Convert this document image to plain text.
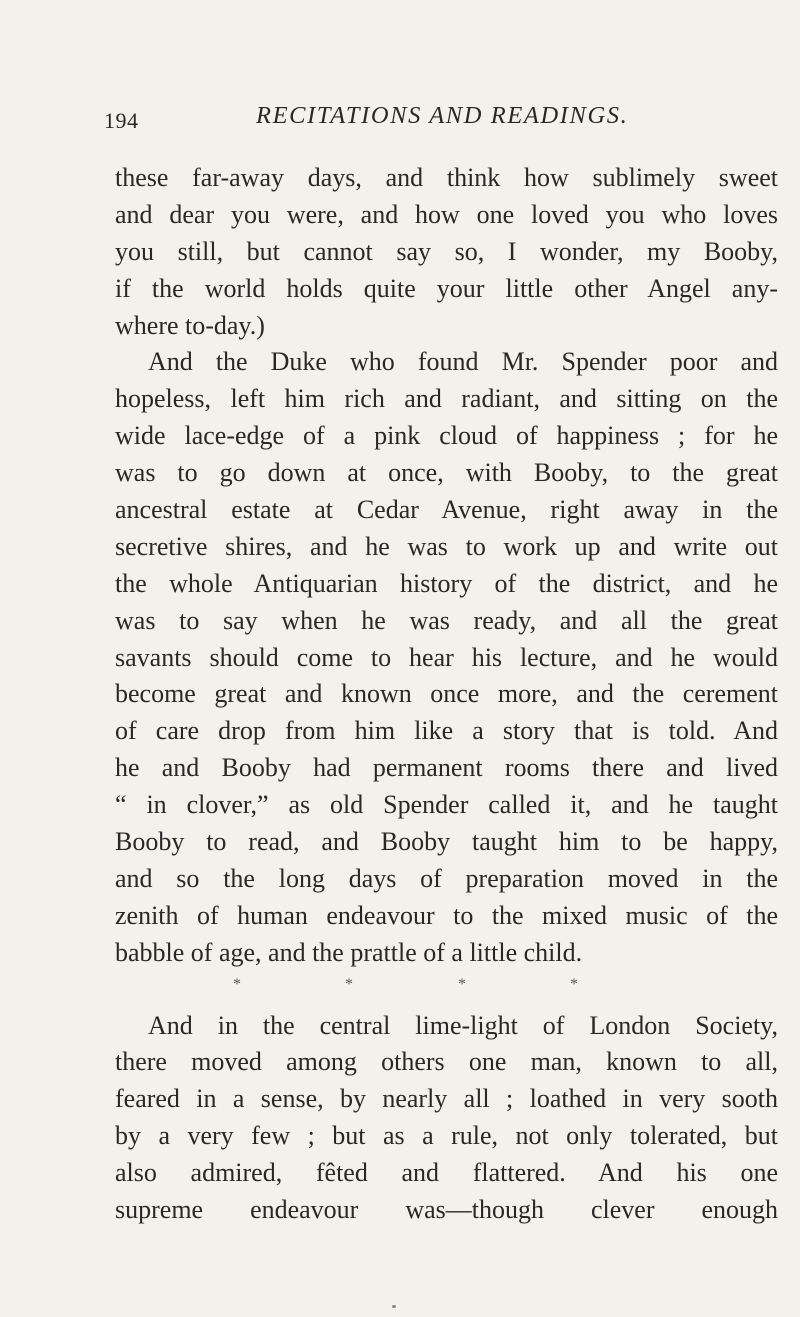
194	RECITATIONS AND READINGS.
these far-away days, and think how sublimely sweet
and dear you were, and how one loved you who loves
you still, but cannot say so, I wonder, my Booby,
if the world holds quite your little other Angel any-
where to-day.)
And the Duke who found Mr. Spender poor and
hopeless, left him rich and radiant, and sitting on the
wide lace-edge of a pink cloud of happiness ; for he
was to go down at once, with Booby, to the great
ancestral estate at Cedar Avenue, right away in the
secretive shires, and he was to work up and write out
the whole Antiquarian history of the district, and he
was to say when he was ready, and all the great
savants should come to hear his lecture, and he would
become great and known once more, and the cerement
of care drop from him like a story that is told. And
he and Booby had permanent rooms there and lived
“ in clover,” as old Spender called it, and he taught
Booby to read, and Booby taught him to be happy,
and so the long days of preparation moved in the
zenith of human endeavour to the mixed music of the
babble of age, and the prattle of a little child.
*	*	*	*
And in the central lime-light of London Society,
there moved among others one man, known to all,
feared in a sense, by nearly all ; loathed in very sooth
by a very few ; but as a rule, not only tolerated, but
also admired, fêted and flattered. And his one
supreme endeavour was—though clever enough
